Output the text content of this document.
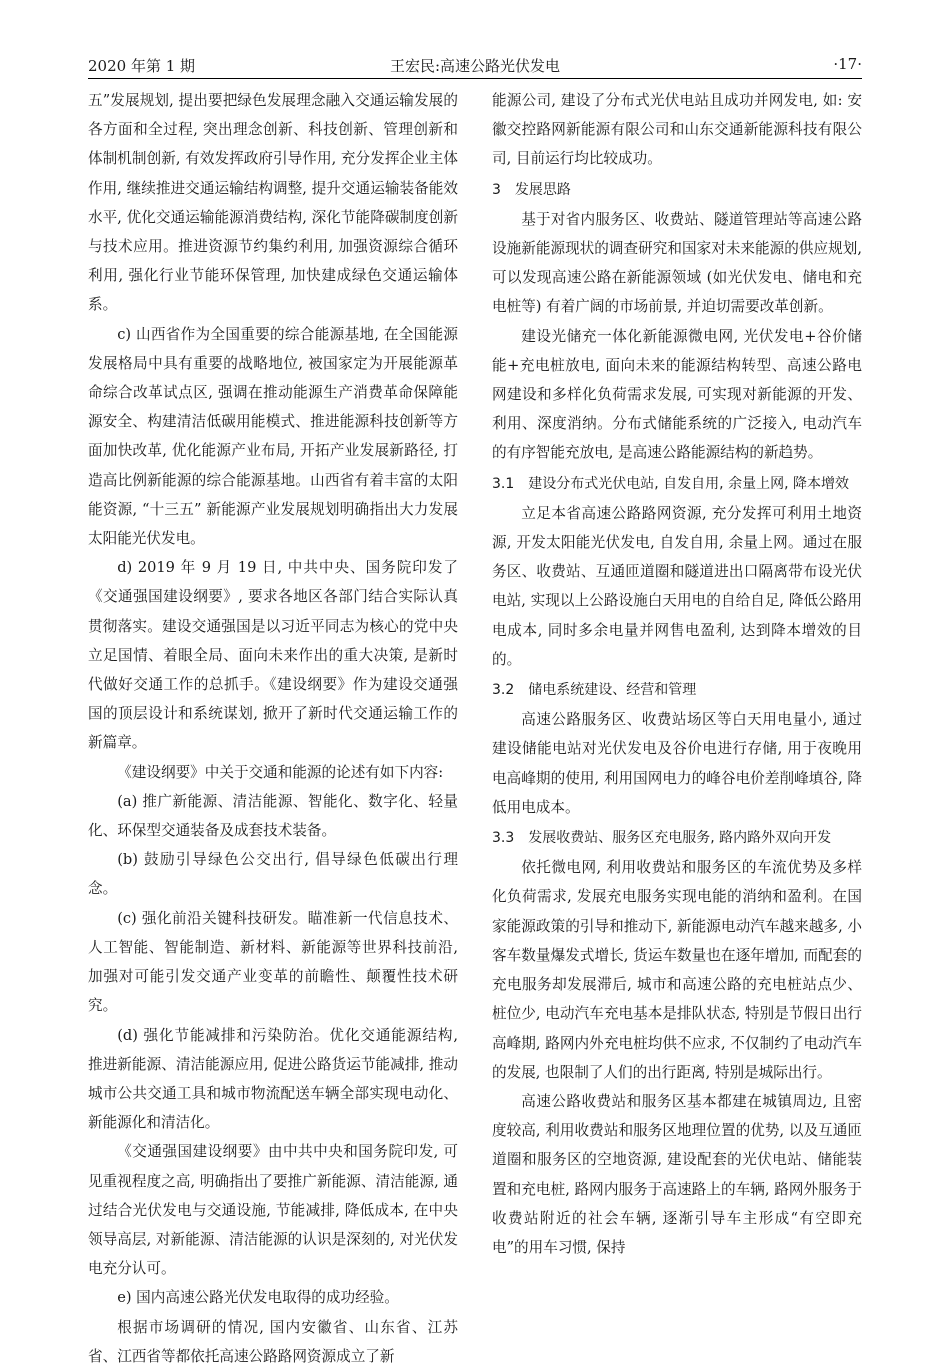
2020 年第 1 期	王宏民:高速公路光伏发电	·17·

五”发展规划, 提出要把绿色发展理念融入交通运输发展的各方面和全过程, 突出理念创新、科技创新、管理创新和体制机制创新, 有效发挥政府引导作用, 充分发挥企业主体作用, 继续推进交通运输结构调整, 提升交通运输装备能效水平, 优化交通运输能源消费结构, 深化节能降碳制度创新与技术应用。推进资源节约集约利用, 加强资源综合循环利用, 强化行业节能环保管理, 加快建成绿色交通运输体系。

c) 山西省作为全国重要的综合能源基地, 在全国能源发展格局中具有重要的战略地位, 被国家定为开展能源革命综合改革试点区, 强调在推动能源生产消费革命保障能源安全、构建清洁低碳用能模式、推进能源科技创新等方面加快改革, 优化能源产业布局, 开拓产业发展新路径, 打造高比例新能源的综合能源基地。山西省有着丰富的太阳能资源, “十三五” 新能源产业发展规划明确指出大力发展太阳能光伏发电。

d) 2019 年 9 月 19 日, 中共中央、国务院印发了《交通强国建设纲要》, 要求各地区各部门结合实际认真贯彻落实。建设交通强国是以习近平同志为核心的党中央立足国情、着眼全局、面向未来作出的重大决策, 是新时代做好交通工作的总抓手。《建设纲要》作为建设交通强国的顶层设计和系统谋划, 掀开了新时代交通运输工作的新篇章。

《建设纲要》中关于交通和能源的论述有如下内容:

(a) 推广新能源、清洁能源、智能化、数字化、轻量化、环保型交通装备及成套技术装备。

(b) 鼓励引导绿色公交出行, 倡导绿色低碳出行理念。

(c) 强化前沿关键科技研发。瞄准新一代信息技术、人工智能、智能制造、新材料、新能源等世界科技前沿, 加强对可能引发交通产业变革的前瞻性、颠覆性技术研究。

(d) 强化节能减排和污染防治。优化交通能源结构, 推进新能源、清洁能源应用, 促进公路货运节能减排, 推动城市公共交通工具和城市物流配送车辆全部实现电动化、新能源化和清洁化。

《交通强国建设纲要》由中共中央和国务院印发, 可见重视程度之高, 明确指出了要推广新能源、清洁能源, 通过结合光伏发电与交通设施, 节能减排, 降低成本, 在中央领导高层, 对新能源、清洁能源的认识是深刻的, 对光伏发电充分认可。

e) 国内高速公路光伏发电取得的成功经验。

根据市场调研的情况, 国内安徽省、山东省、江苏省、江西省等都依托高速公路路网资源成立了新

能源公司, 建设了分布式光伏电站且成功并网发电, 如: 安徽交控路网新能源有限公司和山东交通新能源科技有限公司, 目前运行均比较成功。

3　发展思路

基于对省内服务区、收费站、隧道管理站等高速公路设施新能源现状的调查研究和国家对未来能源的供应规划, 可以发现高速公路在新能源领域 (如光伏发电、储电和充电桩等) 有着广阔的市场前景, 并迫切需要改革创新。

建设光储充一体化新能源微电网, 光伏发电+谷价储能+充电桩放电, 面向未来的能源结构转型、高速公路电网建设和多样化负荷需求发展, 可实现对新能源的开发、利用、深度消纳。分布式储能系统的广泛接入, 电动汽车的有序智能充放电, 是高速公路能源结构的新趋势。

3.1　建设分布式光伏电站, 自发自用, 余量上网, 降本增效

立足本省高速公路路网资源, 充分发挥可利用土地资源, 开发太阳能光伏发电, 自发自用, 余量上网。通过在服务区、收费站、互通匝道圈和隧道进出口隔离带布设光伏电站, 实现以上公路设施白天用电的自给自足, 降低公路用电成本, 同时多余电量并网售电盈利, 达到降本增效的目的。

3.2　储电系统建设、经营和管理

高速公路服务区、收费站场区等白天用电量小, 通过建设储能电站对光伏发电及谷价电进行存储, 用于夜晚用电高峰期的使用, 利用国网电力的峰谷电价差削峰填谷, 降低用电成本。

3.3　发展收费站、服务区充电服务, 路内路外双向开发

依托微电网, 利用收费站和服务区的车流优势及多样化负荷需求, 发展充电服务实现电能的消纳和盈利。在国家能源政策的引导和推动下, 新能源电动汽车越来越多, 小客车数量爆发式增长, 货运车数量也在逐年增加, 而配套的充电服务却发展滞后, 城市和高速公路的充电桩站点少、桩位少, 电动汽车充电基本是排队状态, 特别是节假日出行高峰期, 路网内外充电桩均供不应求, 不仅制约了电动汽车的发展, 也限制了人们的出行距离, 特别是城际出行。

高速公路收费站和服务区基本都建在城镇周边, 且密度较高, 利用收费站和服务区地理位置的优势, 以及互通匝道圈和服务区的空地资源, 建设配套的光伏电站、储能装置和充电桩, 路网内服务于高速路上的车辆, 路网外服务于收费站附近的社会车辆, 逐渐引导车主形成“有空即充电”的用车习惯, 保持
